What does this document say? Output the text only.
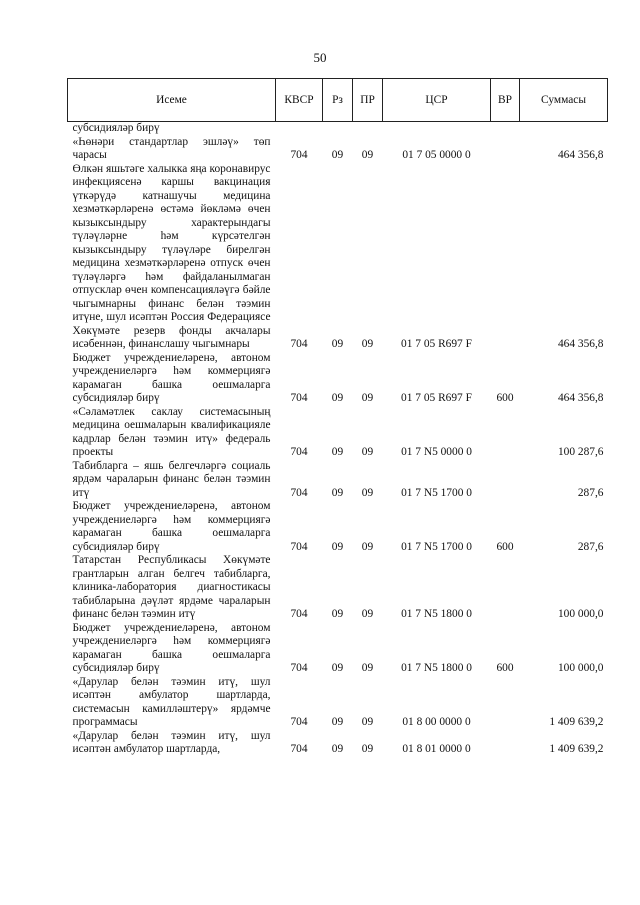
50
Исеме	КВСР	Рз	ПР	ЦСР	ВР	Суммасы
субсидияләр бирү						
«Һөнәри стандартлар эшләү» төп чарасы	704	09	09	01 7 05 0000 0		464 356,8
Өлкән яшьтәге халыкка яңа коронавирус инфекциясенә каршы вакцинация үткәрүдә катнашучы медицина хезмәткәрләренә өстәмә йөкләмә өчен кызыксындыру характерындагы түләүләрне һәм күрсәтелгән кызыксындыру түләүләре бирелгән медицина хезмәткәрләренә отпуск өчен түләүләргә һәм файдаланылмаган отпусклар өчен компенсацияләүгә бәйле чыгымнарны финанс белән тәэмин итүне, шул исәптән Россия Федерациясе Хөкүмәте резерв фонды акчалары исәбеннән, финанслашу чыгымнары	704	09	09	01 7 05 R697 F		464 356,8
Бюджет учреждениеләренә, автоном учреждениеләргә һәм коммерциягә карамаган башка оешмаларга субсидияләр бирү	704	09	09	01 7 05 R697 F	600	464 356,8
«Сәламәтлек саклау системасының медицина оешмаларын квалификацияле кадрлар белән тәэмин итү» федераль проекты	704	09	09	01 7 N5 0000 0		100 287,6
Табибларга – яшь белгечләргә социаль ярдәм чараларын финанс белән тәэмин итү	704	09	09	01 7 N5 1700 0		287,6
Бюджет учреждениеләренә, автоном учреждениеләргә һәм коммерциягә карамаган башка оешмаларга субсидияләр бирү	704	09	09	01 7 N5 1700 0	600	287,6
Татарстан Республикасы Хөкүмәте грантларын алган белгеч табибларга, клиника-лаборатория диагностикасы табибларына дәүләт ярдәме чараларын финанс белән тәэмин итү	704	09	09	01 7 N5 1800 0		100 000,0
Бюджет учреждениеләренә, автоном учреждениеләргә һәм коммерциягә карамаган башка оешмаларга субсидияләр бирү	704	09	09	01 7 N5 1800 0	600	100 000,0
«Дарулар белән тәэмин итү, шул исәптән амбулатор шартларда, системасын камилләштерү» ярдәмче программасы	704	09	09	01 8 00 0000 0		1 409 639,2
«Дарулар белән тәэмин итү, шул исәптән амбулатор шартларда,	704	09	09	01 8 01 0000 0		1 409 639,2
